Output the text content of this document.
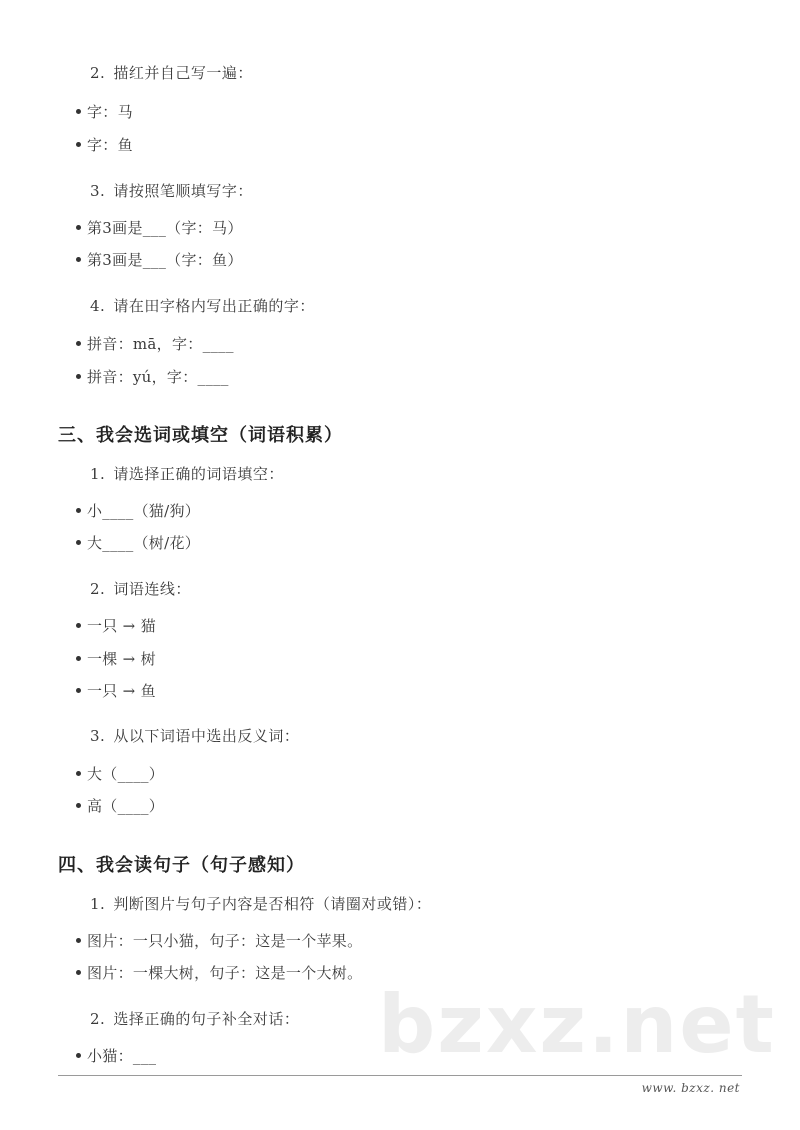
bzxz.net
2. 描红并自己写一遍：
字：马
字：鱼
3. 请按照笔顺填写字：
第3画是___（字：马）
第3画是___（字：鱼）
4. 请在田字格内写出正确的字：
拼音：mā，字：____
拼音：yú，字：____
三、我会选词或填空（词语积累）
1. 请选择正确的词语填空：
小____（猫/狗）
大____（树/花）
2. 词语连线：
一只 → 猫
一棵 → 树
一只 → 鱼
3. 从以下词语中选出反义词：
大（____）
高（____）
四、我会读句子（句子感知）
1. 判断图片与句子内容是否相符（请圈对或错）：
图片：一只小猫，句子：这是一个苹果。
图片：一棵大树，句子：这是一个大树。
2. 选择正确的句子补全对话：
小猫：___
www. bzxz. net
